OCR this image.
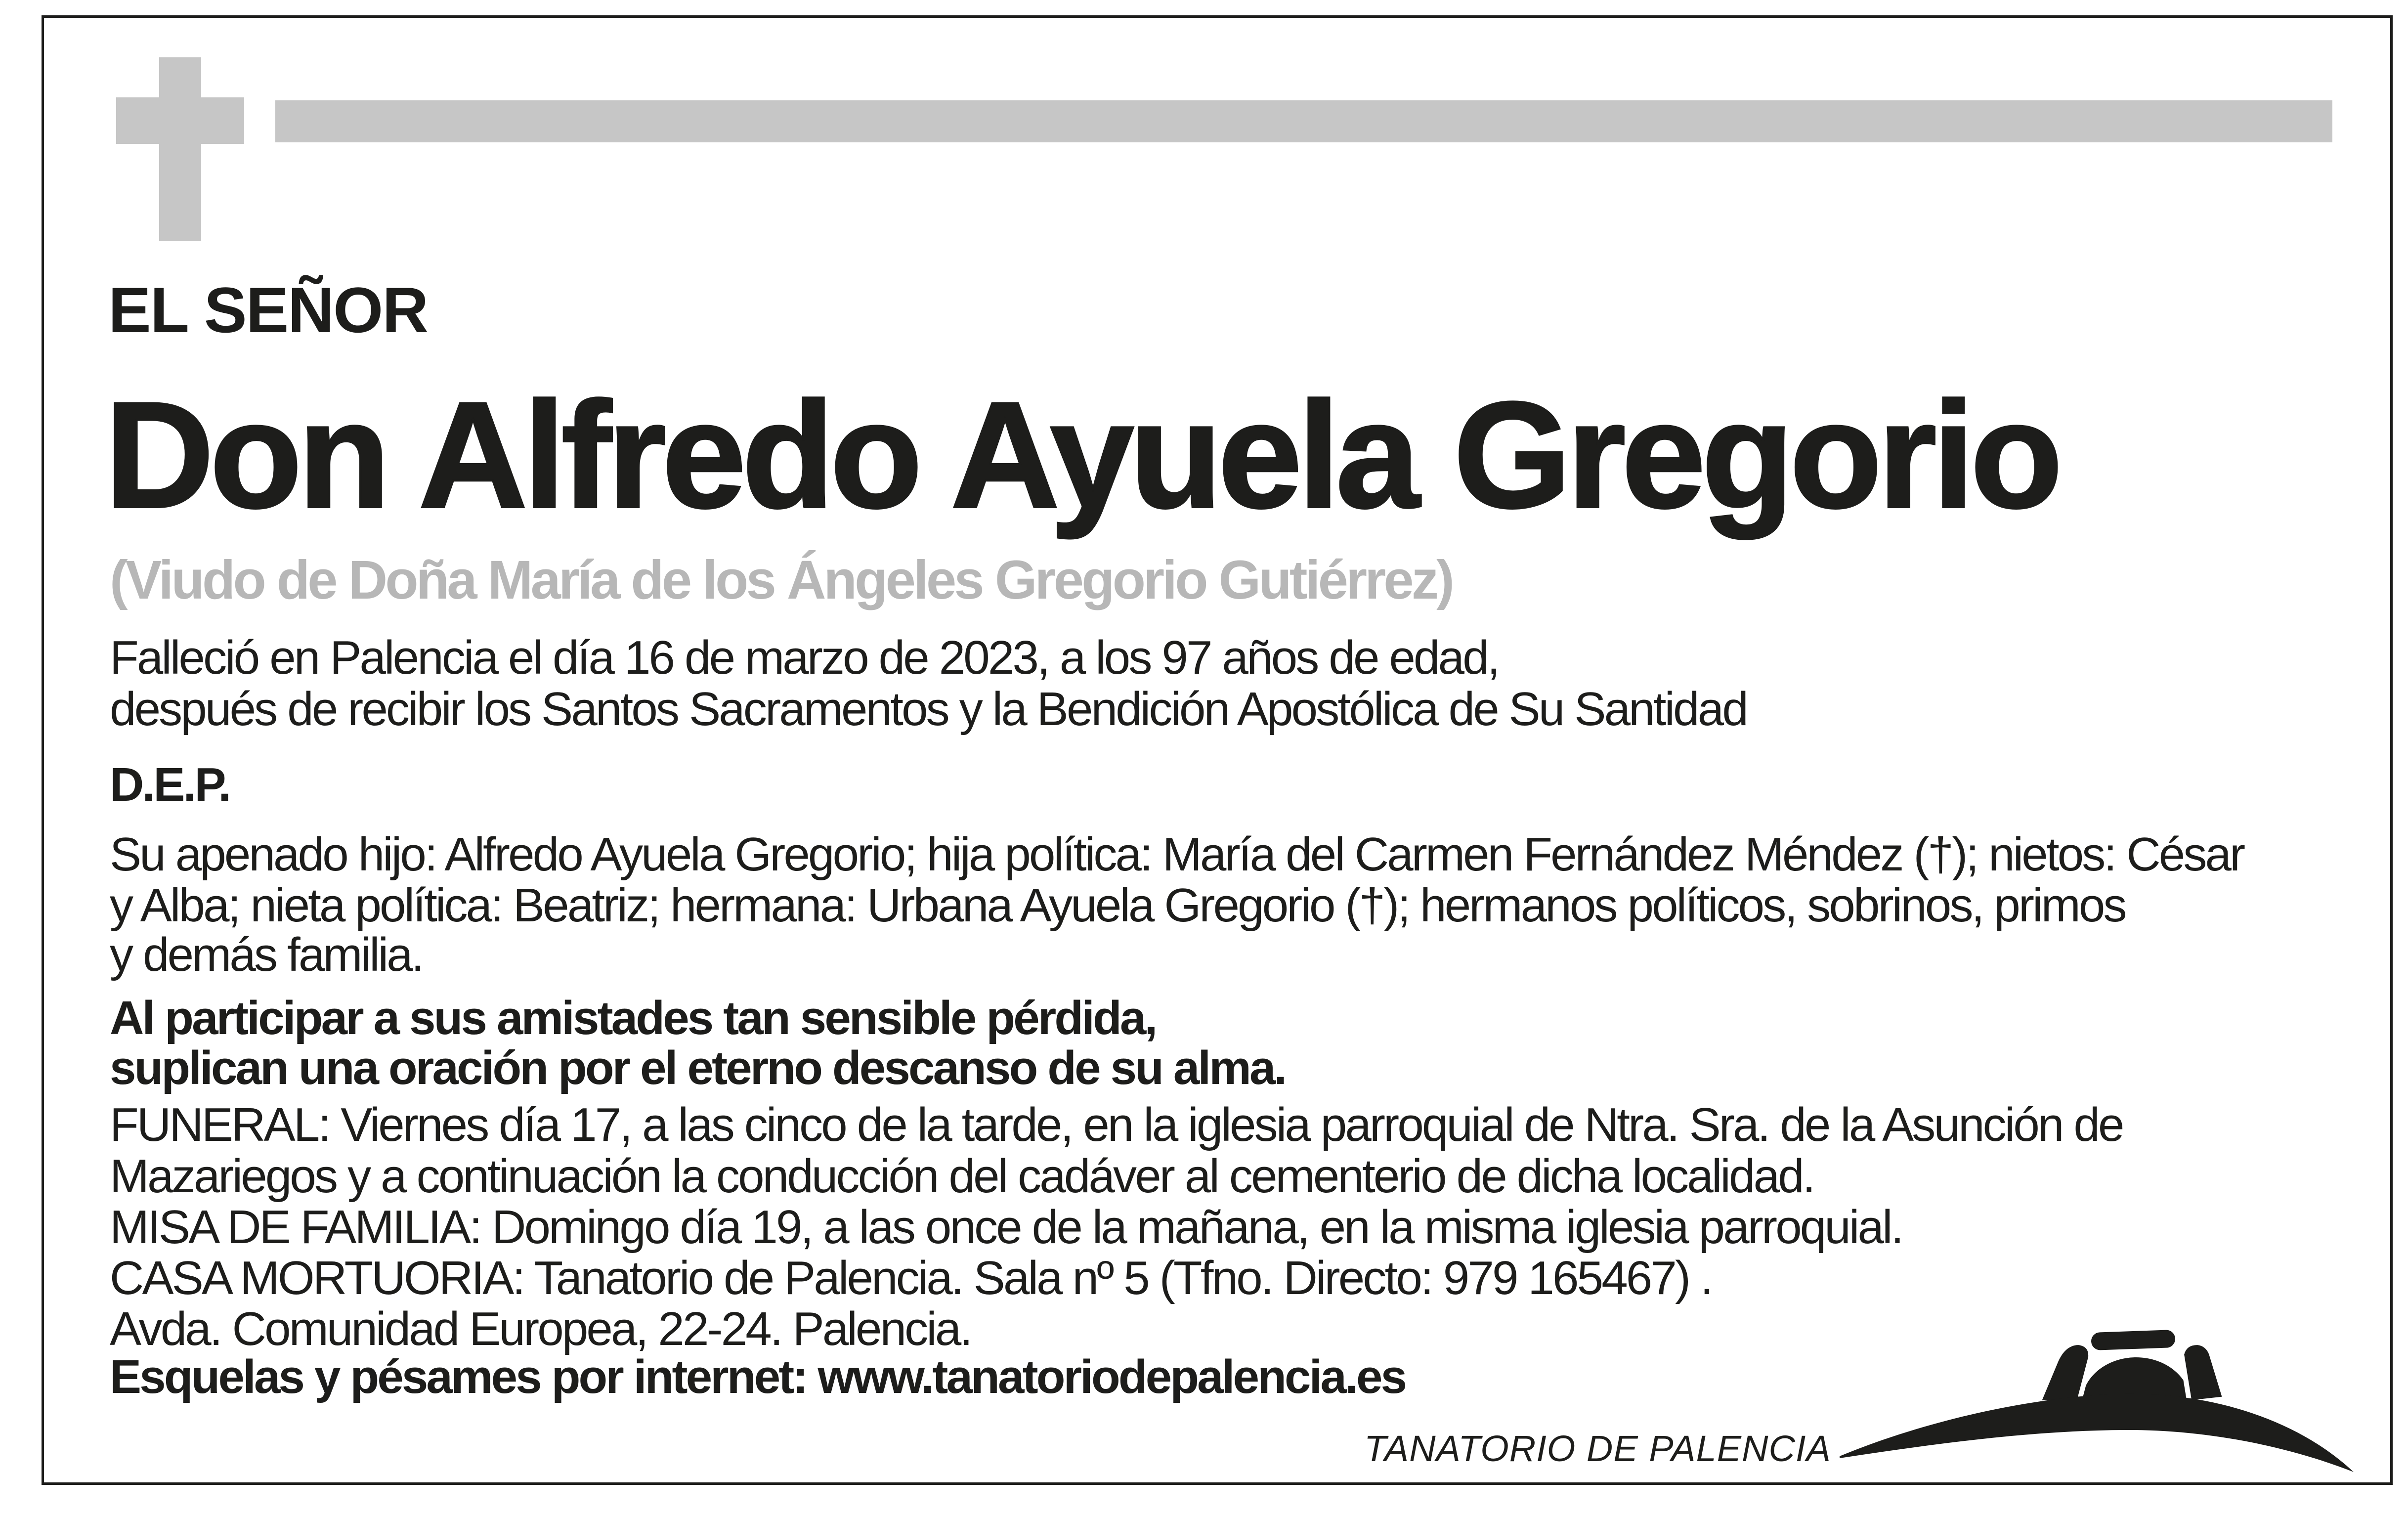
EL SEÑOR
Don Alfredo Ayuela Gregorio
(Viudo de Doña María de los Ángeles Gregorio Gutiérrez)
Falleció en Palencia el día 16 de marzo de 2023, a los 97 años de edad,
después de recibir los Santos Sacramentos y la Bendición Apostólica de Su Santidad
D.E.P.
Su apenado hijo: Alfredo Ayuela Gregorio; hija política: María del Carmen Fernández Méndez (†); nietos: César
y Alba; nieta política: Beatriz; hermana: Urbana Ayuela Gregorio (†); hermanos políticos, sobrinos, primos
y demás familia.
Al participar a sus amistades tan sensible pérdida,
suplican una oración por el eterno descanso de su alma.
FUNERAL: Viernes día 17, a las cinco de la tarde, en la iglesia parroquial de Ntra. Sra. de la Asunción de
Mazariegos y a continuación la conducción del cadáver al cementerio de dicha localidad.
MISA DE FAMILIA: Domingo día 19, a las once de la mañana, en la misma iglesia parroquial.
CASA MORTUORIA: Tanatorio de Palencia. Sala nº 5 (Tfno. Directo: 979 165467) .
Avda. Comunidad Europea, 22-24. Palencia.
Esquelas y pésames por internet: www.tanatoriodepalencia.es
TANATORIO DE PALENCIA
